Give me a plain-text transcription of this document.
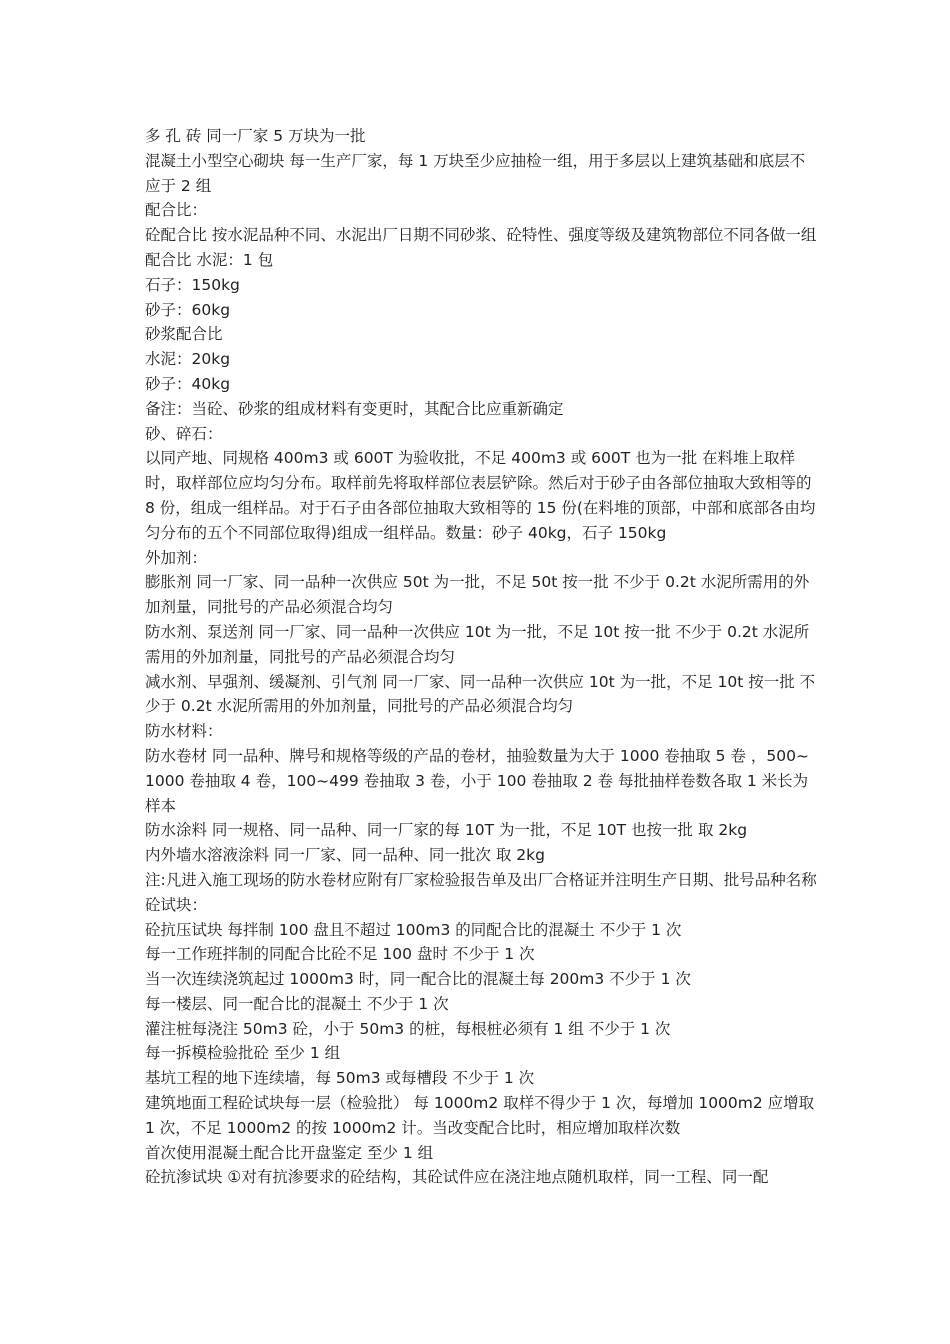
多 孔 砖 同一厂家 5 万块为一批

混凝土小型空心砌块 每一生产厂家，每 1 万块至少应抽检一组，用于多层以上建筑基础和底层不应于 2 组

配合比：

砼配合比 按水泥品种不同、水泥出厂日期不同砂浆、砼特性、强度等级及建筑物部位不同各做一组配合比 水泥：1 包

石子：150kg

砂子：60kg

砂浆配合比

水泥：20kg

砂子：40kg

备注：当砼、砂浆的组成材料有变更时，其配合比应重新确定

砂、碎石：

以同产地、同规格 400m3 或 600T 为验收批，不足 400m3 或 600T 也为一批 在料堆上取样时，取样部位应均匀分布。取样前先将取样部位表层铲除。然后对于砂子由各部位抽取大致相等的 8 份，组成一组样品。对于石子由各部位抽取大致相等的 15 份(在料堆的顶部，中部和底部各由均匀分布的五个不同部位取得)组成一组样品。数量：砂子 40kg，石子 150kg

外加剂：

膨胀剂 同一厂家、同一品种一次供应 50t 为一批，不足 50t 按一批 不少于 0.2t 水泥所需用的外加剂量，同批号的产品必须混合均匀

防水剂、泵送剂 同一厂家、同一品种一次供应 10t 为一批，不足 10t 按一批 不少于 0.2t 水泥所需用的外加剂量，同批号的产品必须混合均匀

减水剂、早强剂、缓凝剂、引气剂 同一厂家、同一品种一次供应 10t 为一批，不足 10t 按一批 不少于 0.2t 水泥所需用的外加剂量，同批号的产品必须混合均匀

防水材料：

防水卷材 同一品种、牌号和规格等级的产品的卷材，抽验数量为大于 1000 卷抽取 5 卷 ，500~1000 卷抽取 4 卷，100~499 卷抽取 3 卷，小于 100 卷抽取 2 卷 每批抽样卷数各取 1 米长为样本

防水涂料 同一规格、同一品种、同一厂家的每 10T 为一批，不足 10T 也按一批 取 2kg

内外墙水溶液涂料 同一厂家、同一品种、同一批次 取 2kg

注:凡进入施工现场的防水卷材应附有厂家检验报告单及出厂合格证并注明生产日期、批号品种名称

砼试块：

砼抗压试块 每拌制 100 盘且不超过 100m3 的同配合比的混凝土 不少于 1 次

每一工作班拌制的同配合比砼不足 100 盘时 不少于 1 次

当一次连续浇筑起过 1000m3 时，同一配合比的混凝土每 200m3 不少于 1 次

每一楼层、同一配合比的混凝土 不少于 1 次

灌注桩每浇注 50m3 砼，小于 50m3 的桩，每根桩必须有 1 组 不少于 1 次

每一拆模检验批砼 至少 1 组

基坑工程的地下连续墙，每 50m3 或每槽段 不少于 1 次

建筑地面工程砼试块每一层（检验批） 每 1000m2 取样不得少于 1 次，每增加 1000m2 应增取 1 次，不足 1000m2 的按 1000m2 计。当改变配合比时，相应增加取样次数

首次使用混凝土配合比开盘鉴定 至少 1 组

砼抗渗试块 ①对有抗渗要求的砼结构，其砼试件应在浇注地点随机取样，同一工程、同一配
